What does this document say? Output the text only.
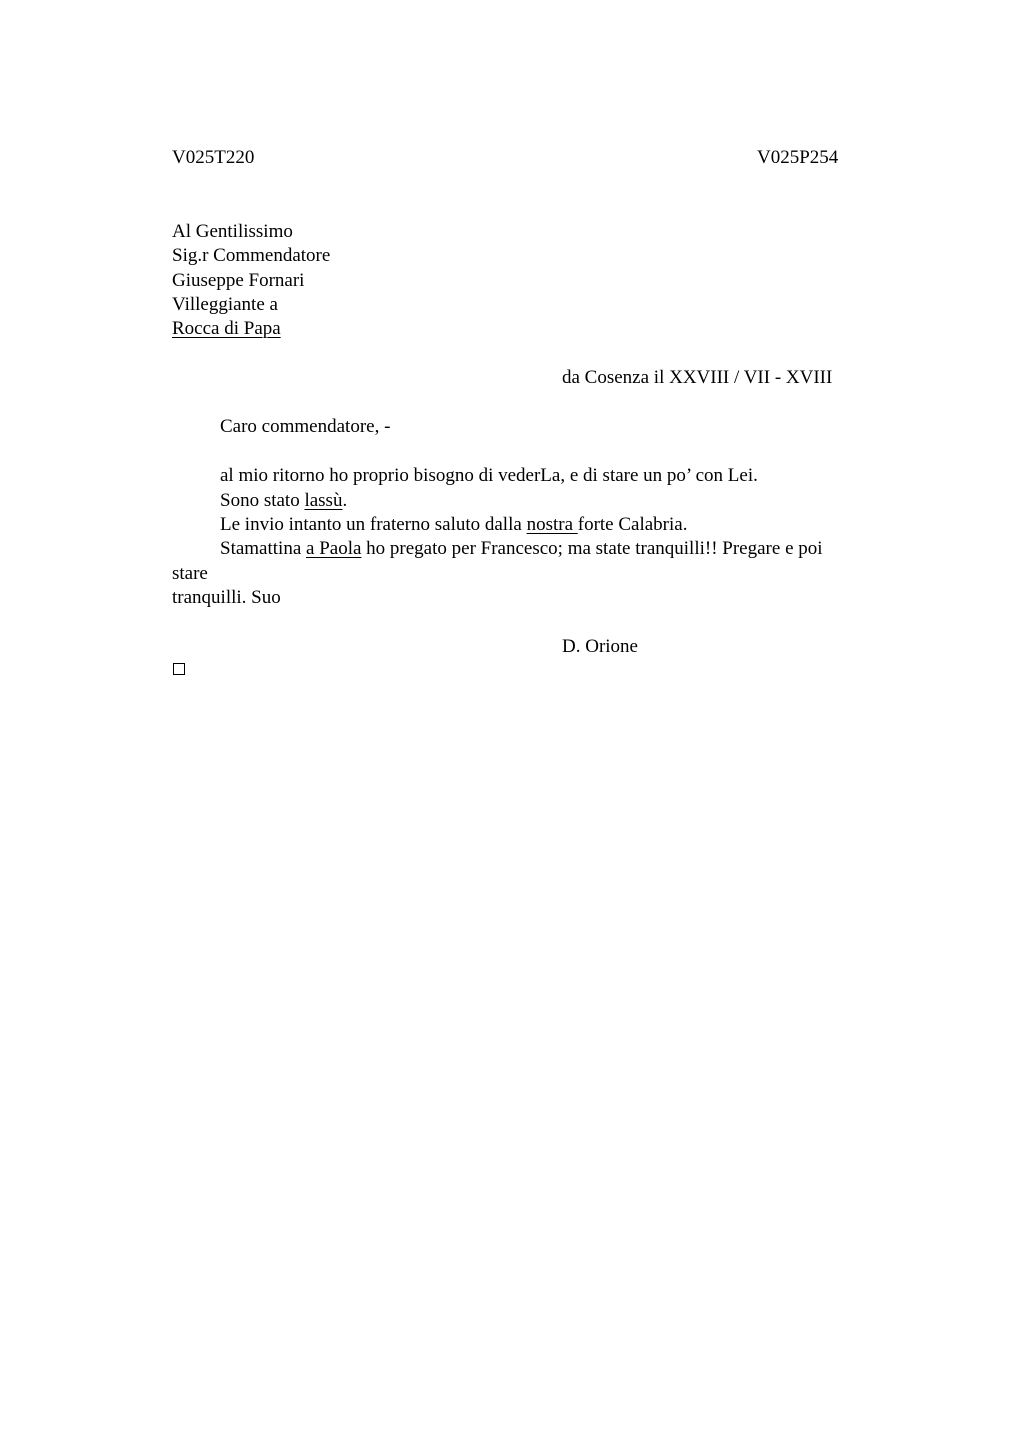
V025T220	V025P254
Al Gentilissimo
Sig.r Commendatore
Giuseppe Fornari
Villeggiante a
Rocca di Papa
da Cosenza il XXVIII / VII - XVIII
Caro commendatore, -
al mio ritorno ho proprio bisogno di vederLa, e di stare un po’ con Lei.
Sono stato lassù.
Le invio intanto un fraterno saluto dalla nostra forte Calabria.
Stamattina a Paola ho pregato per Francesco; ma state tranquilli!! Pregare e poi
stare
tranquilli. Suo
D. Orione
